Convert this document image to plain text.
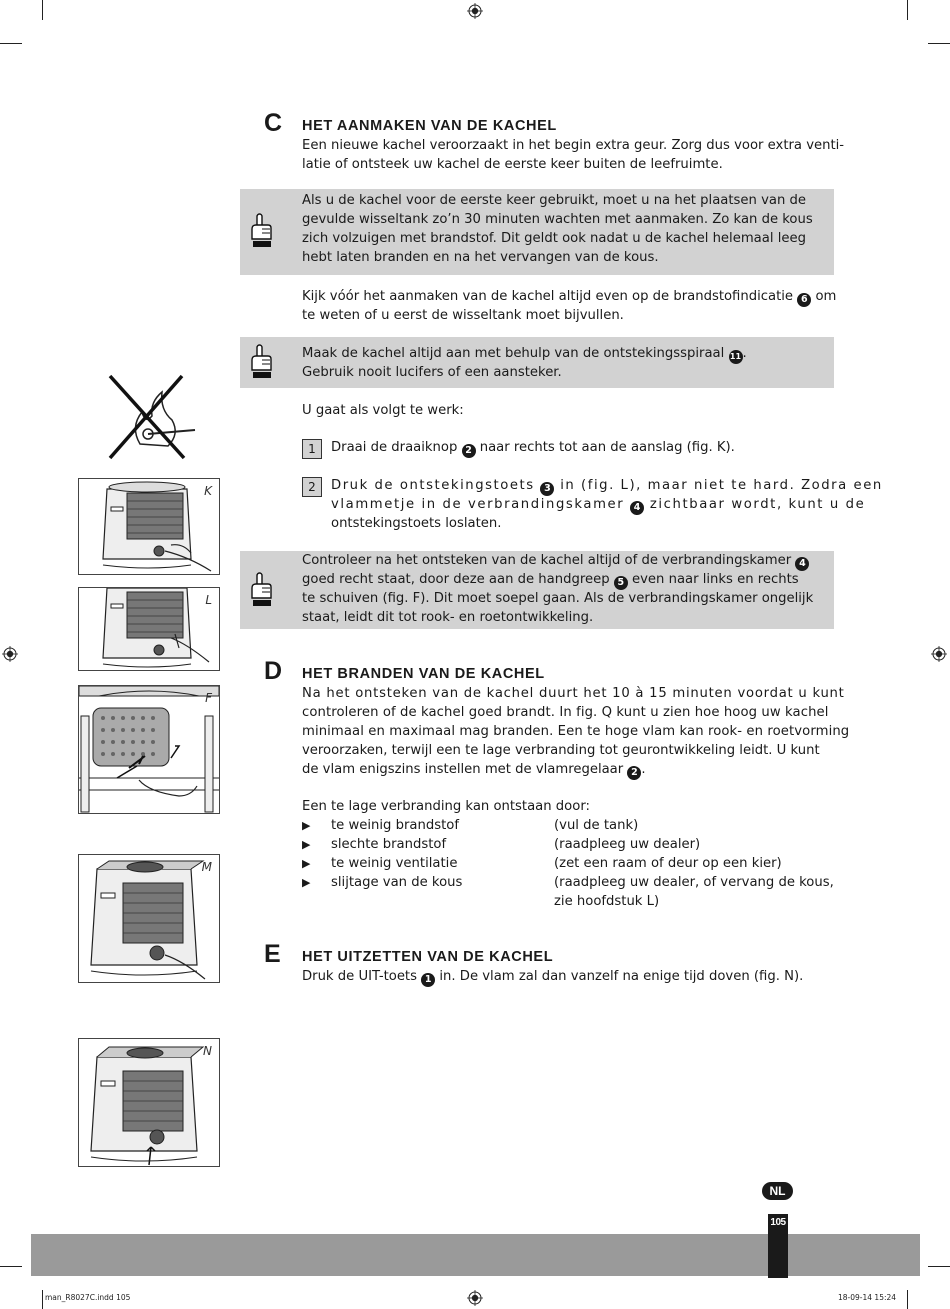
C HET AANMAKEN VAN DE KACHEL
Een nieuwe kachel veroorzaakt in het begin extra geur. Zorg dus voor extra venti-
latie of ontsteek uw kachel de eerste keer buiten de leefruimte.
Als u de kachel voor de eerste keer gebruikt, moet u na het plaatsen van de
gevulde wisseltank zo’n 30 minuten wachten met aanmaken. Zo kan de kous
zich volzuigen met brandstof. Dit geldt ook nadat u de kachel helemaal leeg
hebt laten branden en na het vervangen van de kous.
Kijk vóór het aanmaken van de kachel altijd even op de brandstofindicatie 6 om
te weten of u eerst de wisseltank moet bijvullen.
Maak de kachel altijd aan met behulp van de ontstekingsspiraal 11.
Gebruik nooit lucifers of een aansteker.
U gaat als volgt te werk:
1	Draai de draaiknop 2 naar rechts tot aan de aanslag (fig. K).
2	Druk de ontstekingstoets 3 in (fig. L), maar niet te hard. Zodra een
vlammetje in de verbrandingskamer 4 zichtbaar wordt, kunt u de
ontstekingstoets loslaten.
Controleer na het ontsteken van de kachel altijd of de verbrandingskamer 4
goed recht staat, door deze aan de handgreep 5 even naar links en rechts
te schuiven (fig. F). Dit moet soepel gaan. Als de verbrandingskamer ongelijk
staat, leidt dit tot rook- en roetontwikkeling.
K
L
F
M
N
D HET BRANDEN VAN DE KACHEL
Na het ontsteken van de kachel duurt het 10 à 15 minuten voordat u kunt
controleren of de kachel goed brandt. In fig. Q kunt u zien hoe hoog uw kachel
minimaal en maximaal mag branden. Een te hoge vlam kan rook- en roetvorming
veroorzaken, terwijl een te lage verbranding tot geurontwikkeling leidt. U kunt
de vlam enigszins instellen met de vlamregelaar 2 .
Een te lage verbranding kan ontstaan door:
▶ te weinig brandstof	(vul de tank)
▶ slechte brandstof	(raadpleeg uw dealer)
▶ te weinig ventilatie	(zet een raam of deur op een kier)
▶ slijtage van de kous	(raadpleeg uw dealer, of vervang de kous,
zie hoofdstuk L)
E HET UITZETTEN VAN DE KACHEL
Druk de UIT-toets 1 in. De vlam zal dan vanzelf na enige tijd doven (fig. N).
NL
105
man_R8027C.indd 105	18-09-14 15:24
